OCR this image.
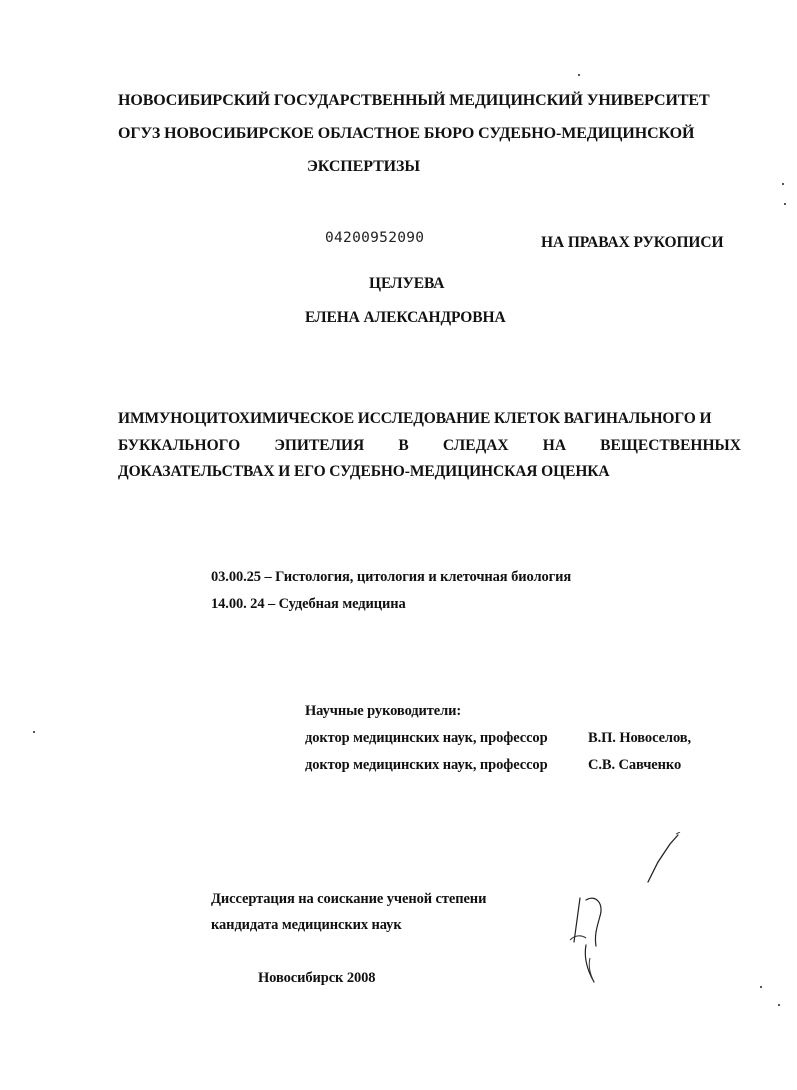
НОВОСИБИРСКИЙ ГОСУДАРСТВЕННЫЙ МЕДИЦИНСКИЙ УНИВЕРСИТЕТ
ОГУЗ НОВОСИБИРСКОЕ ОБЛАСТНОЕ БЮРО СУДЕБНО-МЕДИЦИНСКОЙ
ЭКСПЕРТИЗЫ
04200952090	НА ПРАВАХ РУКОПИСИ
ЦЕЛУЕВА
ЕЛЕНА АЛЕКСАНДРОВНА
ИММУНОЦИТОХИМИЧЕСКОЕ ИССЛЕДОВАНИЕ КЛЕТОК ВАГИНАЛЬНОГО И
БУККАЛЬНОГО ЭПИТЕЛИЯ В СЛЕДАХ НА ВЕЩЕСТВЕННЫХ
ДОКАЗАТЕЛЬСТВАХ И ЕГО СУДЕБНО-МЕДИЦИНСКАЯ ОЦЕНКА
03.00.25 – Гистология, цитология и клеточная биология
14.00. 24 – Судебная медицина
Научные руководители:
доктор медицинских наук, профессор	В.П. Новоселов,
доктор медицинских наук, профессор	С.В. Савченко
Диссертация на соискание ученой степени
кандидата медицинских наук
Новосибирск 2008
